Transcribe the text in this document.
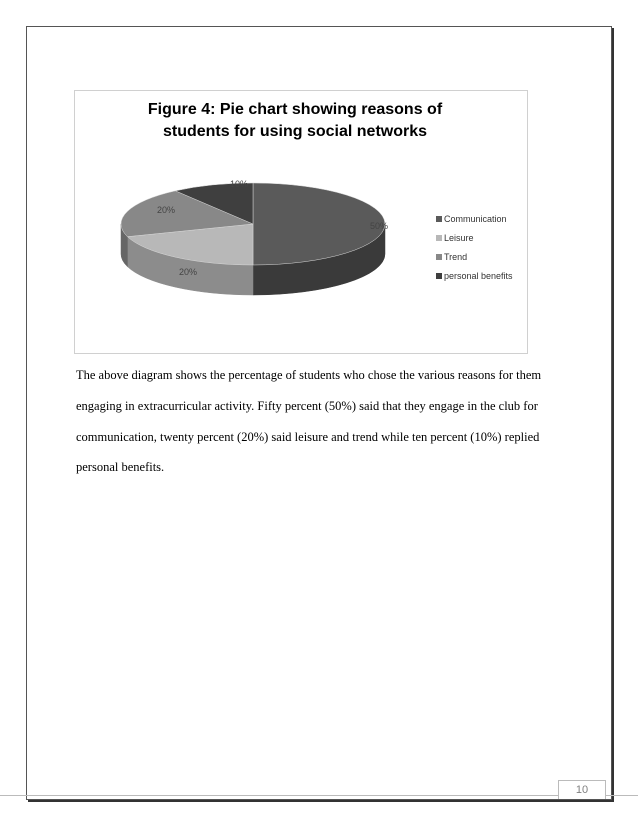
Figure 4: Pie chart showing reasons of
students for using social networks
50%
20%
20%
10%
Communication
Leisure
Trend
personal benefits

The above diagram shows the percentage of students who chose the various reasons for them
engaging in extracurricular activity. Fifty percent (50%) said that they engage in the club for
communication, twenty percent (20%) said leisure and trend while ten percent (10%) replied
personal benefits.

10
